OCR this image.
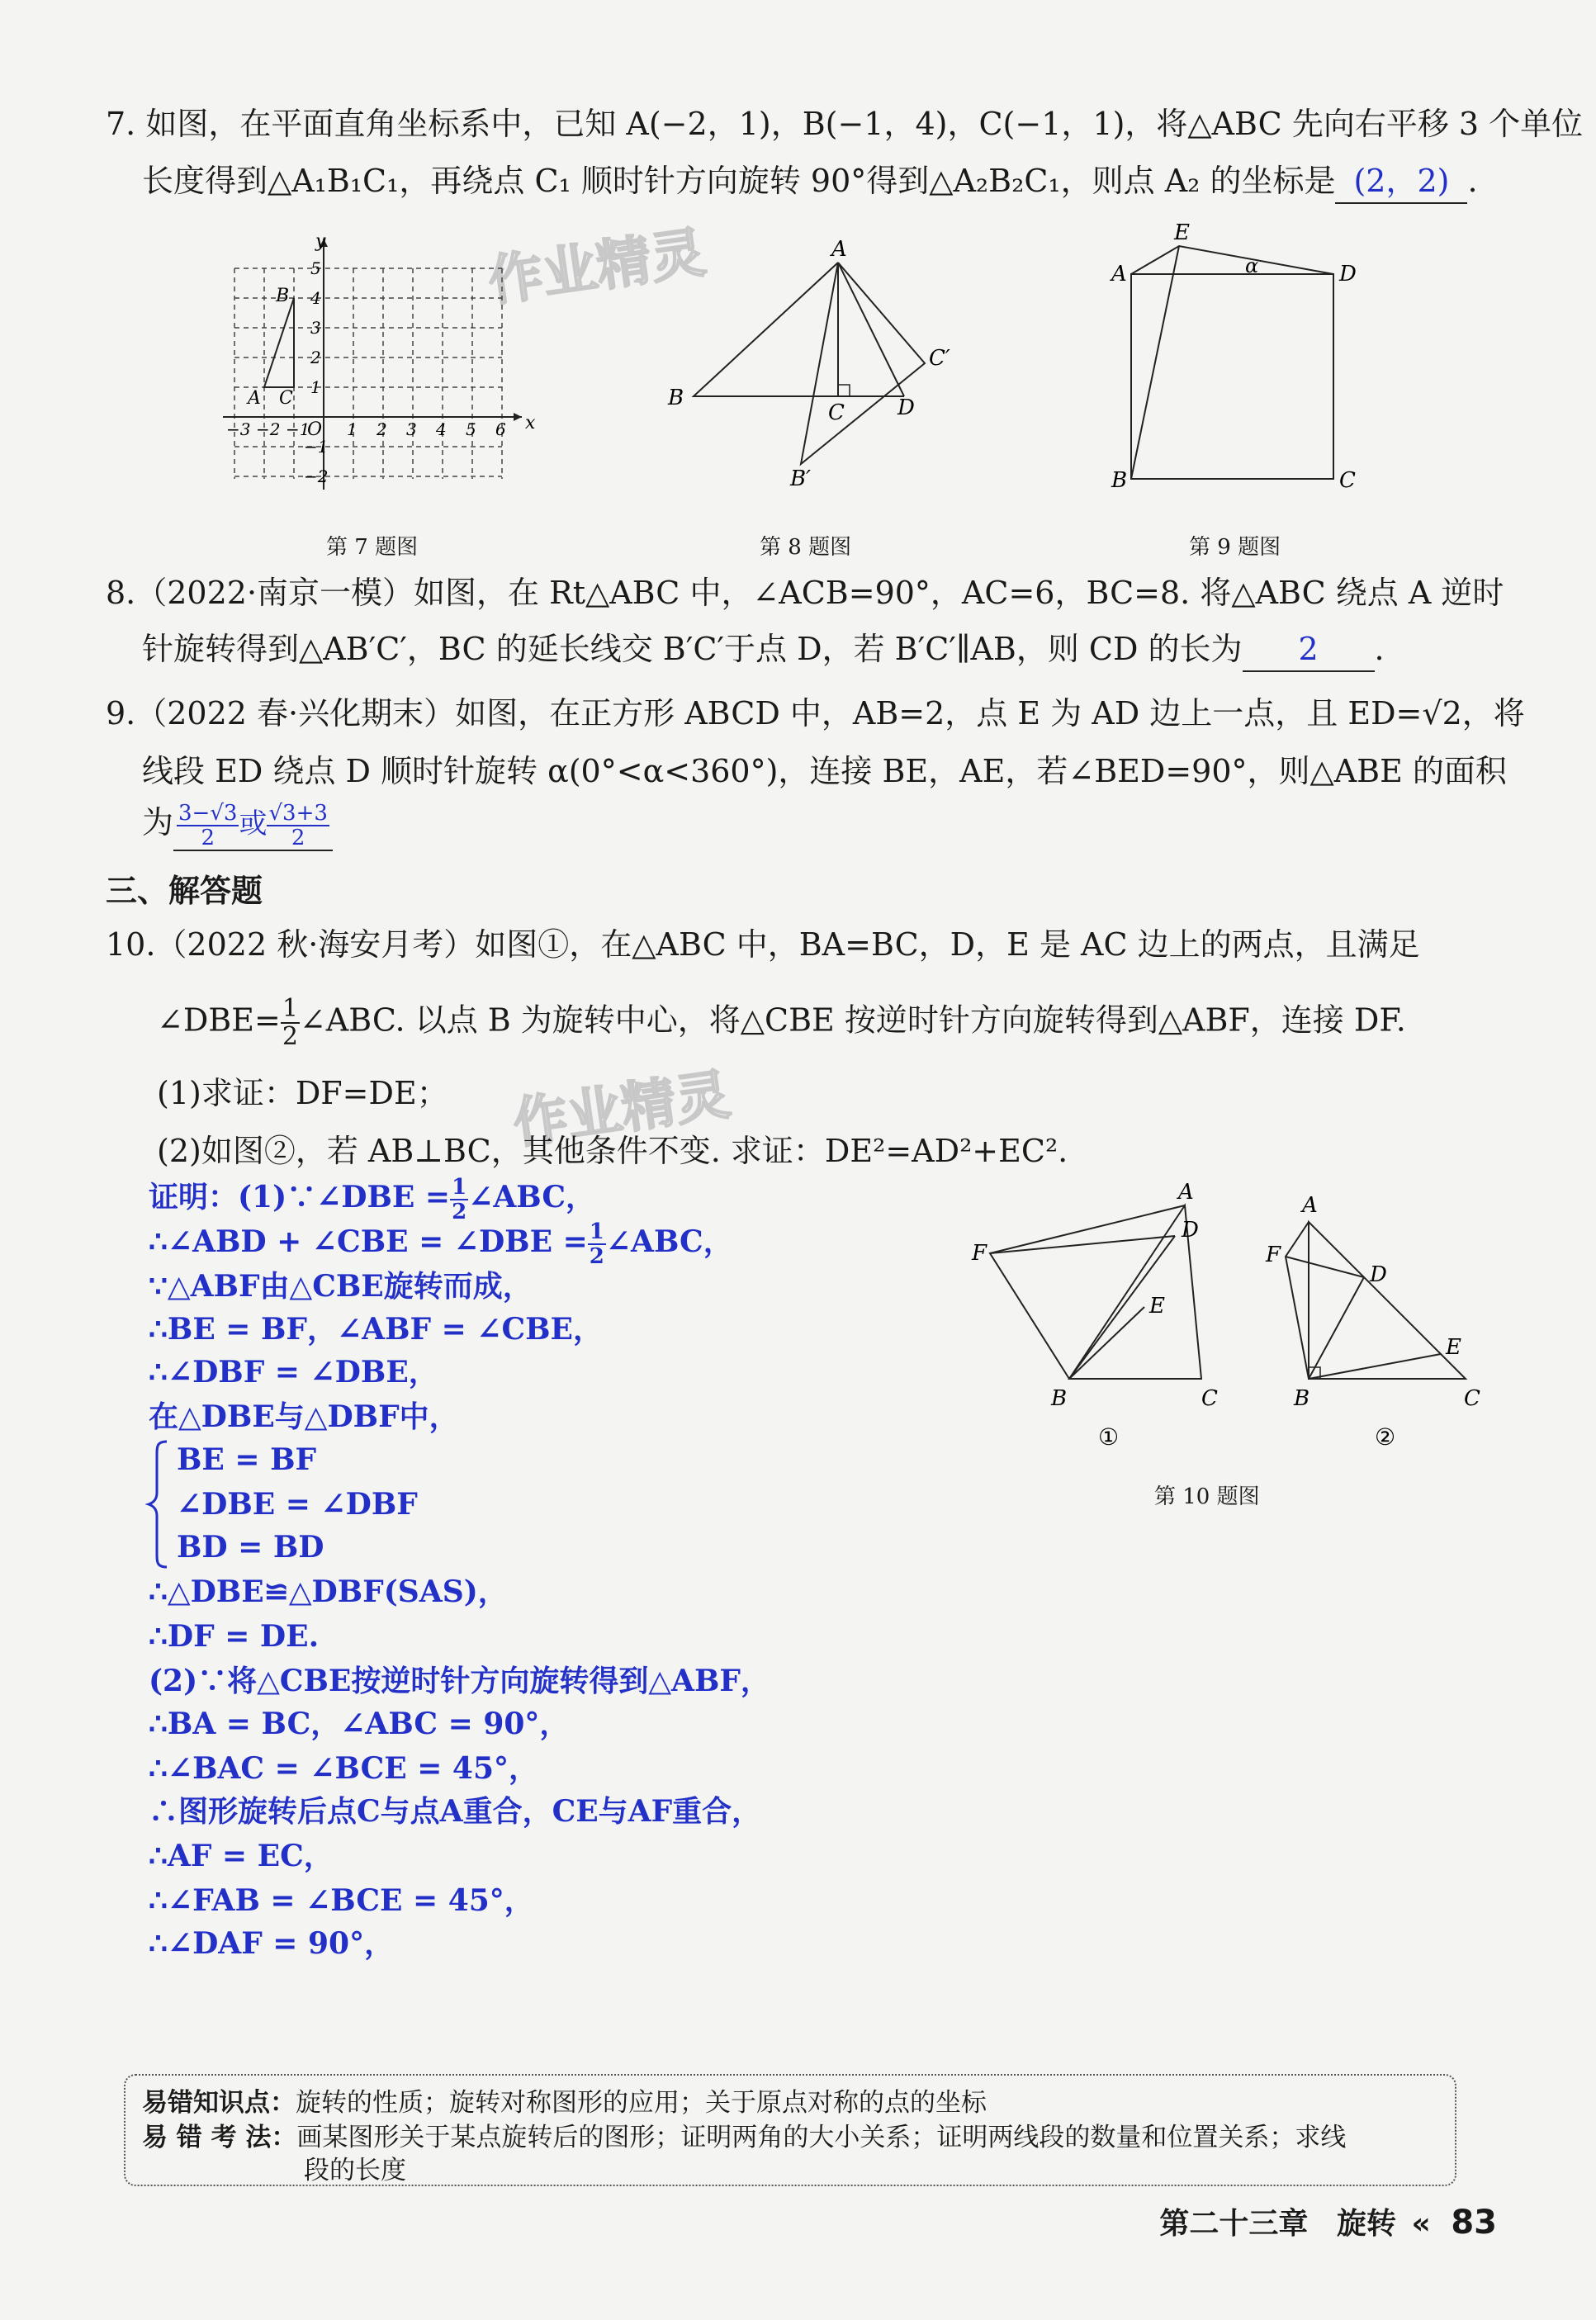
7. 如图，在平面直角坐标系中，已知 A(−2，1)，B(−1，4)，C(−1，1)，将△ABC 先向右平移 3 个单位
长度得到△A₁B₁C₁，再绕点 C₁ 顺时针方向旋转 90°得到△A₂B₂C₁，则点 A₂ 的坐标是 (2，2) .
作业精灵
y
x
O
A
B
C
5
4
3
2
1
−1
−2
−3 −2 −1 1 2 3 4 5 6
A
B
C D
C′
B′
E
A	D
B	C
α
第 7 题图	第 8 题图	第 9 题图
8.（2022·南京一模）如图，在 Rt△ABC 中，∠ACB=90°，AC=6，BC=8. 将△ABC 绕点 A 逆时
针旋转得到△AB′C′，BC 的延长线交 B′C′于点 D，若 B′C′∥AB，则 CD 的长为 2 .
9.（2022 春·兴化期末）如图，在正方形 ABCD 中，AB=2，点 E 为 AD 边上一点，且 ED=√2，将
线段 ED 绕点 D 顺时针旋转 α(0°<α<360°)，连接 BE，AE，若∠BED=90°，则△ABE 的面积
为 $\frac{3-√3}{2}$ 或 $\frac{√3+3}{2}$
三、解答题
10.（2022 秋·海安月考）如图①，在△ABC 中，BA=BC，D，E 是 AC 边上的两点，且满足
∠DBE= $\frac{1}{2}$ ∠ABC. 以点 B 为旋转中心，将△CBE 按逆时针方向旋转得到△ABF，连接 DF.
(1)求证：DF=DE； 作业精灵
(2)如图②，若 AB⊥BC，其他条件不变. 求证：DE²=AD²+EC².
B	C
A
D
E
F
①
B	C
A
D
E
F
②
第 10 题图
证明：(1)∵∠DBE = $\frac{1}{2}$ ∠ABC，
∴∠ABD + ∠CBE = ∠DBE = $\frac{1}{2}$ ∠ABC，
∵△ABF由△CBE旋转而成，
∴BE = BF，∠ABF = ∠CBE，
∴∠DBF = ∠DBE，
在△DBE与△DBF中，
BE = BF
∠DBE = ∠DBF
BD = BD
∴△DBE≌△DBF(SAS)，
∴DF = DE.
(2)∵将△CBE按逆时针方向旋转得到△ABF，
∴BA = BC，∠ABC = 90°，
∴∠BAC = ∠BCE = 45°，
∴图形旋转后点C与点A重合，CE与AF重合，
∴AF = EC，
∴∠FAB = ∠BCE = 45°，
∴∠DAF = 90°，
易错知识点：旋转的性质；旋转对称图形的应用；关于原点对称的点的坐标
易 错 考 法：画某图形关于某点旋转后的图形；证明两角的大小关系；证明两线段的数量和位置关系；求线
段的长度
第二十三章 旋转 « 83
